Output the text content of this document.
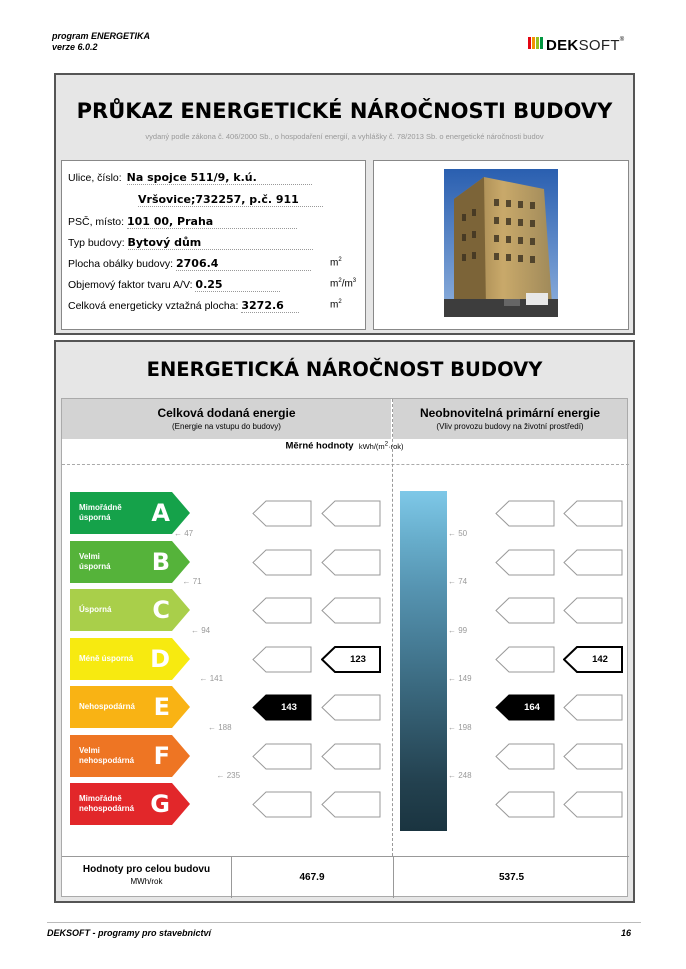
program ENERGETIKA
verze 6.0.2	DEKSOFT®
PRŮKAZ ENERGETICKÉ NÁROČNOSTI BUDOVY
vydaný podle zákona č. 406/2000 Sb., o hospodaření energií, a vyhlášky č. 78/2013 Sb. o energetické náročnosti budov
Ulice, číslo: Na spojce 511/9, k.ú.
Vršovice;732257, p.č. 911
PSČ, místo: 101 00, Praha
Typ budovy: Bytový dům
Plocha obálky budovy: 2706.4	$m^2$
Objemový faktor tvaru A/V: 0.25	$m^2/m^3$
Celková energeticky vztažná plocha: 3272.6	$m^2$
ENERGETICKÁ NÁROČNOST BUDOVY
Celková dodaná energie
(Energie na vstupu do budovy)
Neobnovitelná primární energie
(Vliv provozu budovy na životní prostředí)
Měrné hodnoty kWh/$(m^2\cdot rok)$
Mimořádně
úsporná	A
Velmi
úsporná B
Úsporná C
Méně úsporná D
Nehospodárná E
Velmi
nehospodárná F
Mimořádně
nehospodárná G
← 47
← 71
← 94
← 141
← 188
← 235
← 50
← 74
← 99
← 149
← 198
← 248
123	142
143	164
Hodnoty pro celou budovu
MWh/rok	467.9	537.5
DEKSOFT - programy pro stavebnictví	16
